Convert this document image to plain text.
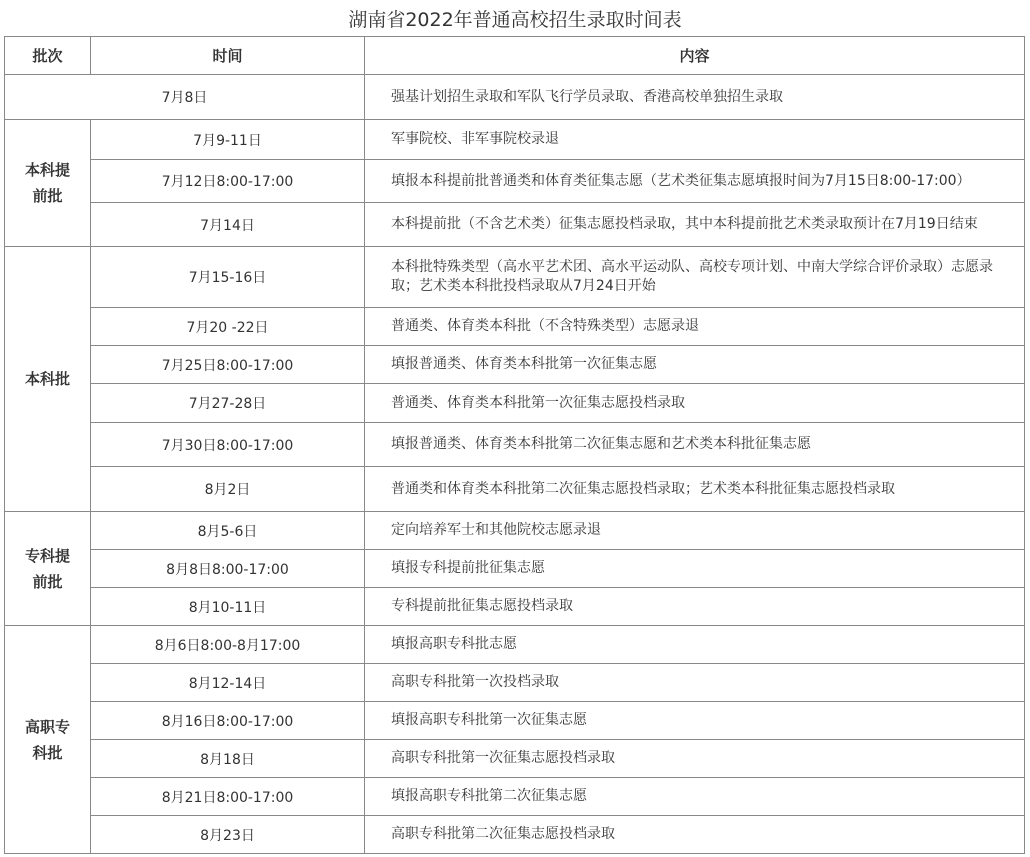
湖南省2022年普通高校招生录取时间表
批次	时间	内容
7月8日		强基计划招生录取和军队飞行学员录取、香港高校单独招生录取
本科提前批	7月9-11日	军事院校、非军事院校录退
	7月12日8:00-17:00	填报本科提前批普通类和体育类征集志愿（艺术类征集志愿填报时间为7月15日8:00-17:00）
	7月14日	本科提前批（不含艺术类）征集志愿投档录取，其中本科提前批艺术类录取预计在7月19日结束
本科批	7月15-16日	本科批特殊类型（高水平艺术团、高水平运动队、高校专项计划、中南大学综合评价录取）志愿录取；艺术类本科批投档录取从7月24日开始
	7月20 -22日	普通类、体育类本科批（不含特殊类型）志愿录退
	7月25日8:00-17:00	填报普通类、体育类本科批第一次征集志愿
	7月27-28日	普通类、体育类本科批第一次征集志愿投档录取
	7月30日8:00-17:00	填报普通类、体育类本科批第二次征集志愿和艺术类本科批征集志愿
	8月2日	普通类和体育类本科批第二次征集志愿投档录取；艺术类本科批征集志愿投档录取
专科提前批	8月5-6日	定向培养军士和其他院校志愿录退
	8月8日8:00-17:00	填报专科提前批征集志愿
	8月10-11日	专科提前批征集志愿投档录取
高职专科批	8月6日8:00-8月17:00	填报高职专科批志愿
	8月12-14日	高职专科批第一次投档录取
	8月16日8:00-17:00	填报高职专科批第一次征集志愿
	8月18日	高职专科批第一次征集志愿投档录取
	8月21日8:00-17:00	填报高职专科批第二次征集志愿
	8月23日	高职专科批第二次征集志愿投档录取
